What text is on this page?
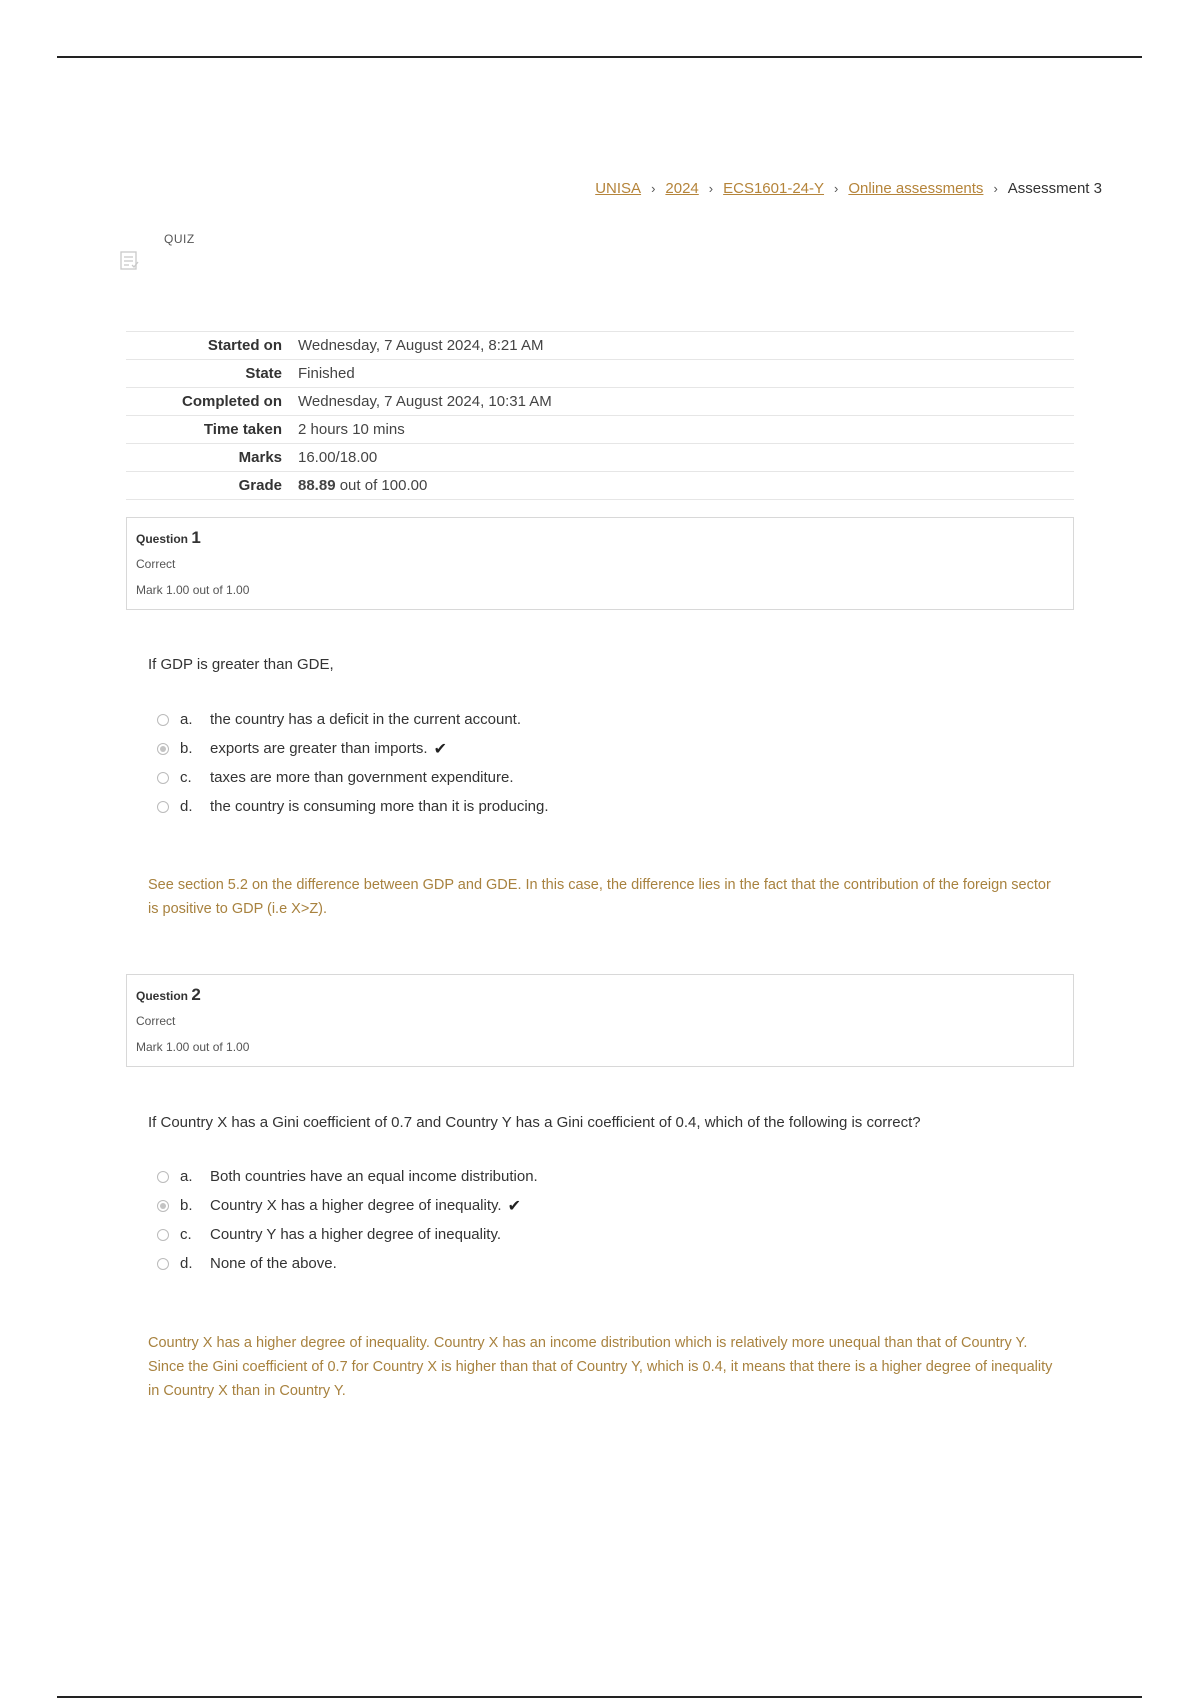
UNISA › 2024 › ECS1601-24-Y › Online assessments › Assessment 3
QUIZ
Started on	Wednesday, 7 August 2024, 8:21 AM
State	Finished
Completed on	Wednesday, 7 August 2024, 10:31 AM
Time taken	2 hours 10 mins
Marks	16.00/18.00
Grade	88.89 out of 100.00
Question 1
Correct
Mark 1.00 out of 1.00
If GDP is greater than GDE,
a.	the country has a deficit in the current account.
b.	exports are greater than imports. ✔
c.	taxes are more than government expenditure.
d.	the country is consuming more than it is producing.
See section 5.2 on the difference between GDP and GDE. In this case, the difference lies in the fact that the contribution of the foreign sector is positive to GDP (i.e X>Z).
Question 2
Correct
Mark 1.00 out of 1.00
If Country X has a Gini coefficient of 0.7 and Country Y has a Gini coefficient of 0.4, which of the following is correct?
a.	Both countries have an equal income distribution.
b.	Country X has a higher degree of inequality. ✔
c.	Country Y has a higher degree of inequality.
d.	None of the above.
Country X has a higher degree of inequality. Country X has an income distribution which is relatively more unequal than that of Country Y. Since the Gini coefficient of 0.7 for Country X is higher than that of Country Y, which is 0.4, it means that there is a higher degree of inequality in Country X than in Country Y.
